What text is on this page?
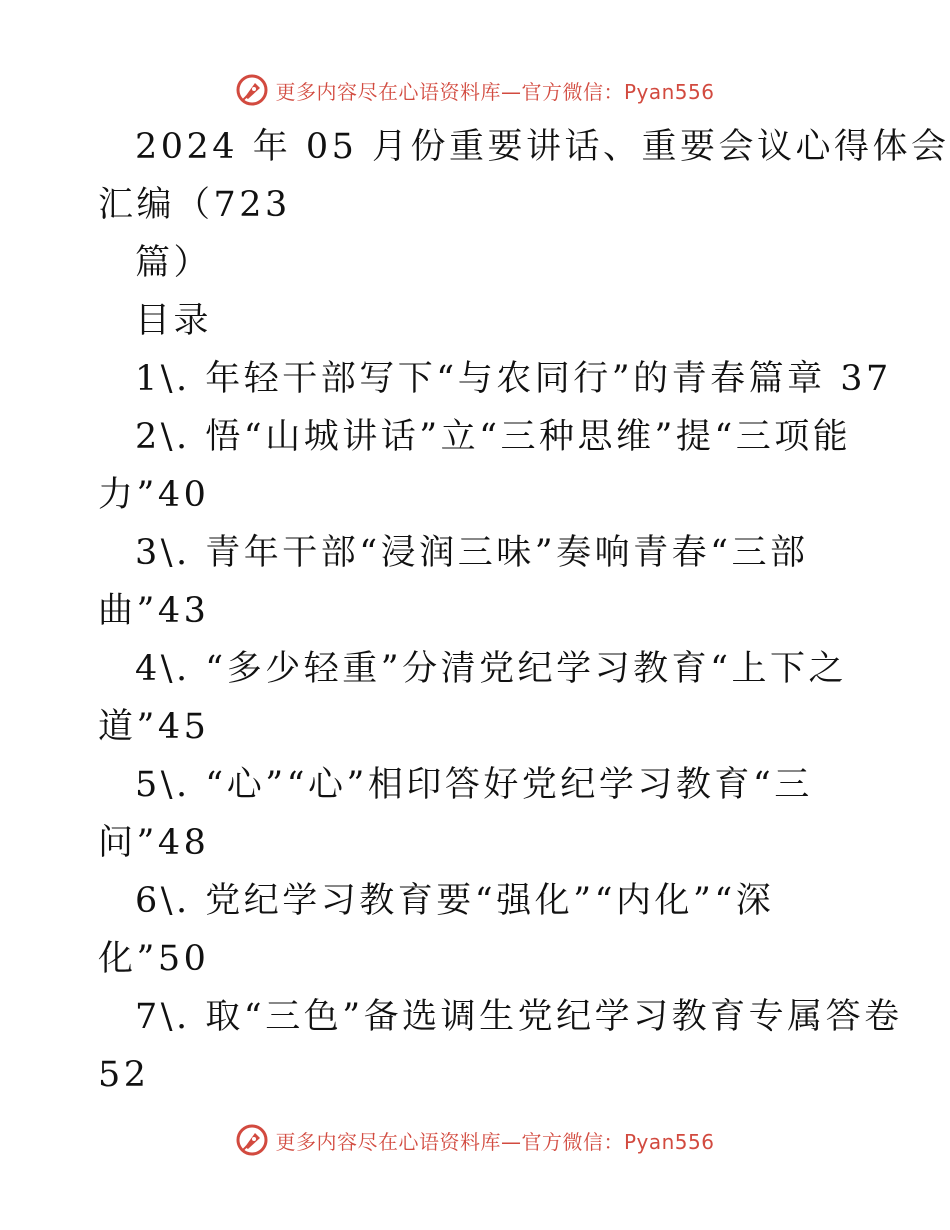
更多内容尽在心语资料库—官方微信：Pyan556
2024 年 05 月份重要讲话、重要会议心得体会
汇编（723
篇）
目录
1\. 年轻干部写下“与农同行”的青春篇章 37
2\. 悟“山城讲话”立“三种思维”提“三项能
力”40
3\. 青年干部“浸润三味”奏响青春“三部
曲”43
4\. “多少轻重”分清党纪学习教育“上下之
道”45
5\. “心”“心”相印答好党纪学习教育“三
问”48
6\. 党纪学习教育要“强化”“内化”“深
化”50
7\. 取“三色”备选调生党纪学习教育专属答卷
52
更多内容尽在心语资料库—官方微信：Pyan556
